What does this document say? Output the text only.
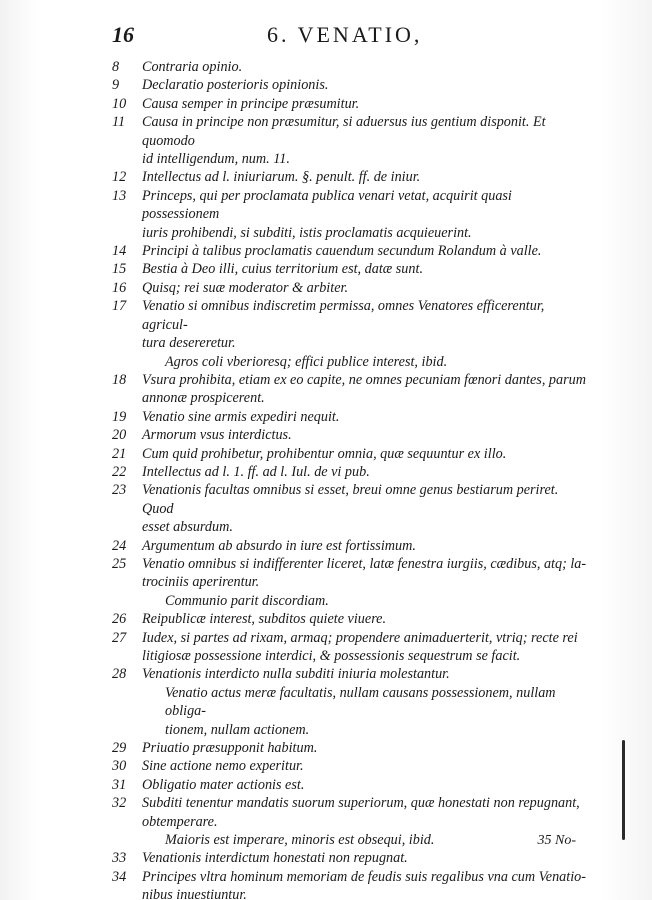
16	6. VENATIO,
8	Contraria opinio.
9	Declaratio posterioris opinionis.
10	Causa semper in principe præsumitur.
11	Causa in principe non præsumitur, si aduersus ius gentium disponit. Et quomodo
id intelligendum, num. 11.
12	Intellectus ad l. iniuriarum. §. penult. ff. de iniur.
13	Princeps, qui per proclamata publica venari vetat, acquirit quasi possessionem
iuris prohibendi, si subditi, istis proclamatis acquieuerint.
14	Principi à talibus proclamatis cauendum secundum Rolandum à valle.
15	Bestia à Deo illi, cuius territorium est, datæ sunt.
16	Quisq; rei suæ moderator & arbiter.
17	Venatio si omnibus indiscretim permissa, omnes Venatores efficerentur, agricul-
tura desereretur.
Agros coli vberioresq; effici publice interest, ibid.
18	Vsura prohibita, etiam ex eo capite, ne omnes pecuniam fœnori dantes, parum
annonæ prospicerent.
19	Venatio sine armis expediri nequit.
20	Armorum vsus interdictus.
21	Cum quid prohibetur, prohibentur omnia, quæ sequuntur ex illo.
22	Intellectus ad l. 1. ff. ad l. Iul. de vi pub.
23	Venationis facultas omnibus si esset, breui omne genus bestiarum periret. Quod
esset absurdum.
24	Argumentum ab absurdo in iure est fortissimum.
25	Venatio omnibus si indifferenter liceret, latæ fenestra iurgiis, cædibus, atq; la-
trociniis aperirentur.
Communio parit discordiam.
26	Reipublicæ interest, subditos quiete viuere.
27	Iudex, si partes ad rixam, armaq; propendere animaduerterit, vtriq; recte rei
litigiosæ possessione interdici, & possessionis sequestrum se facit.
28	Venationis interdicto nulla subditi iniuria molestantur.
Venatio actus meræ facultatis, nullam causans possessionem, nullam obliga-
tionem, nullam actionem.
29	Priuatio præsupponit habitum.
30	Sine actione nemo experitur.
31	Obligatio mater actionis est.
32	Subditi tenentur mandatis suorum superiorum, quæ honestati non repugnant,
obtemperare.
Maioris est imperare, minoris est obsequi, ibid.
33	Venationis interdictum honestati non repugnat.
34	Principes vltra hominum memoriam de feudis suis regalibus vna cum Venatio-
nibus inuestiuntur.
35 No-
